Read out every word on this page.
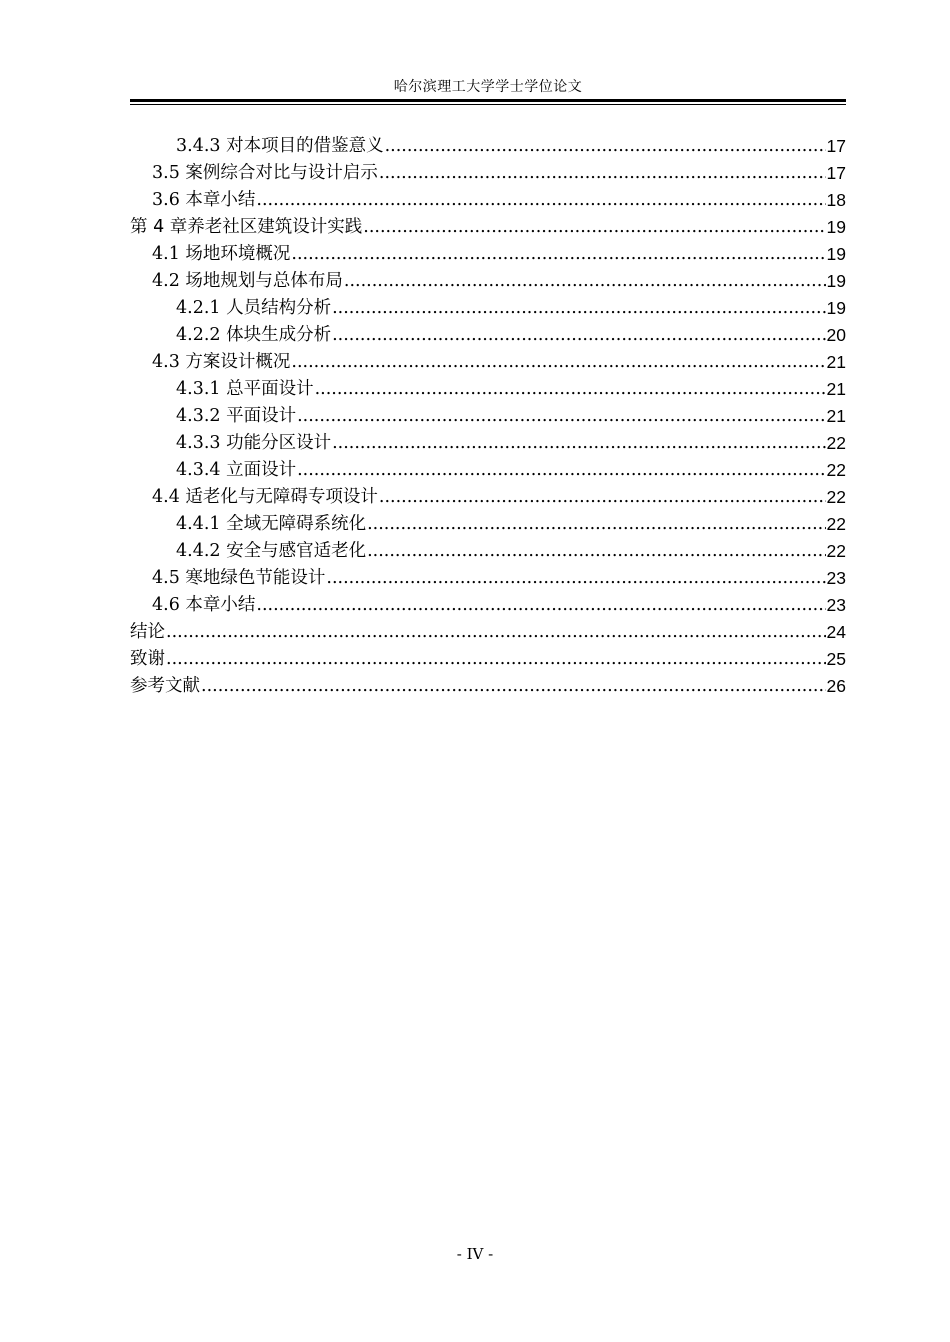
哈尔滨理工大学学士学位论文
3.4.3 对本项目的借鉴意义 .....	17
3.5 案例综合对比与设计启示 .....	17
3.6 本章小结 .....	18
第 4 章养老社区建筑设计实践 .....	19
4.1 场地环境概况 .....	19
4.2 场地规划与总体布局 .....	19
4.2.1 人员结构分析 .....	19
4.2.2 体块生成分析 .....	20
4.3 方案设计概况 .....	21
4.3.1 总平面设计 .....	21
4.3.2 平面设计 .....	21
4.3.3 功能分区设计 .....	22
4.3.4 立面设计 .....	22
4.4 适老化与无障碍专项设计 .....	22
4.4.1 全域无障碍系统化 .....	22
4.4.2 安全与感官适老化 .....	22
4.5 寒地绿色节能设计 .....	23
4.6 本章小结 .....	23
结论 .....	24
致谢 .....	25
参考文献 .....	26
- IV -
